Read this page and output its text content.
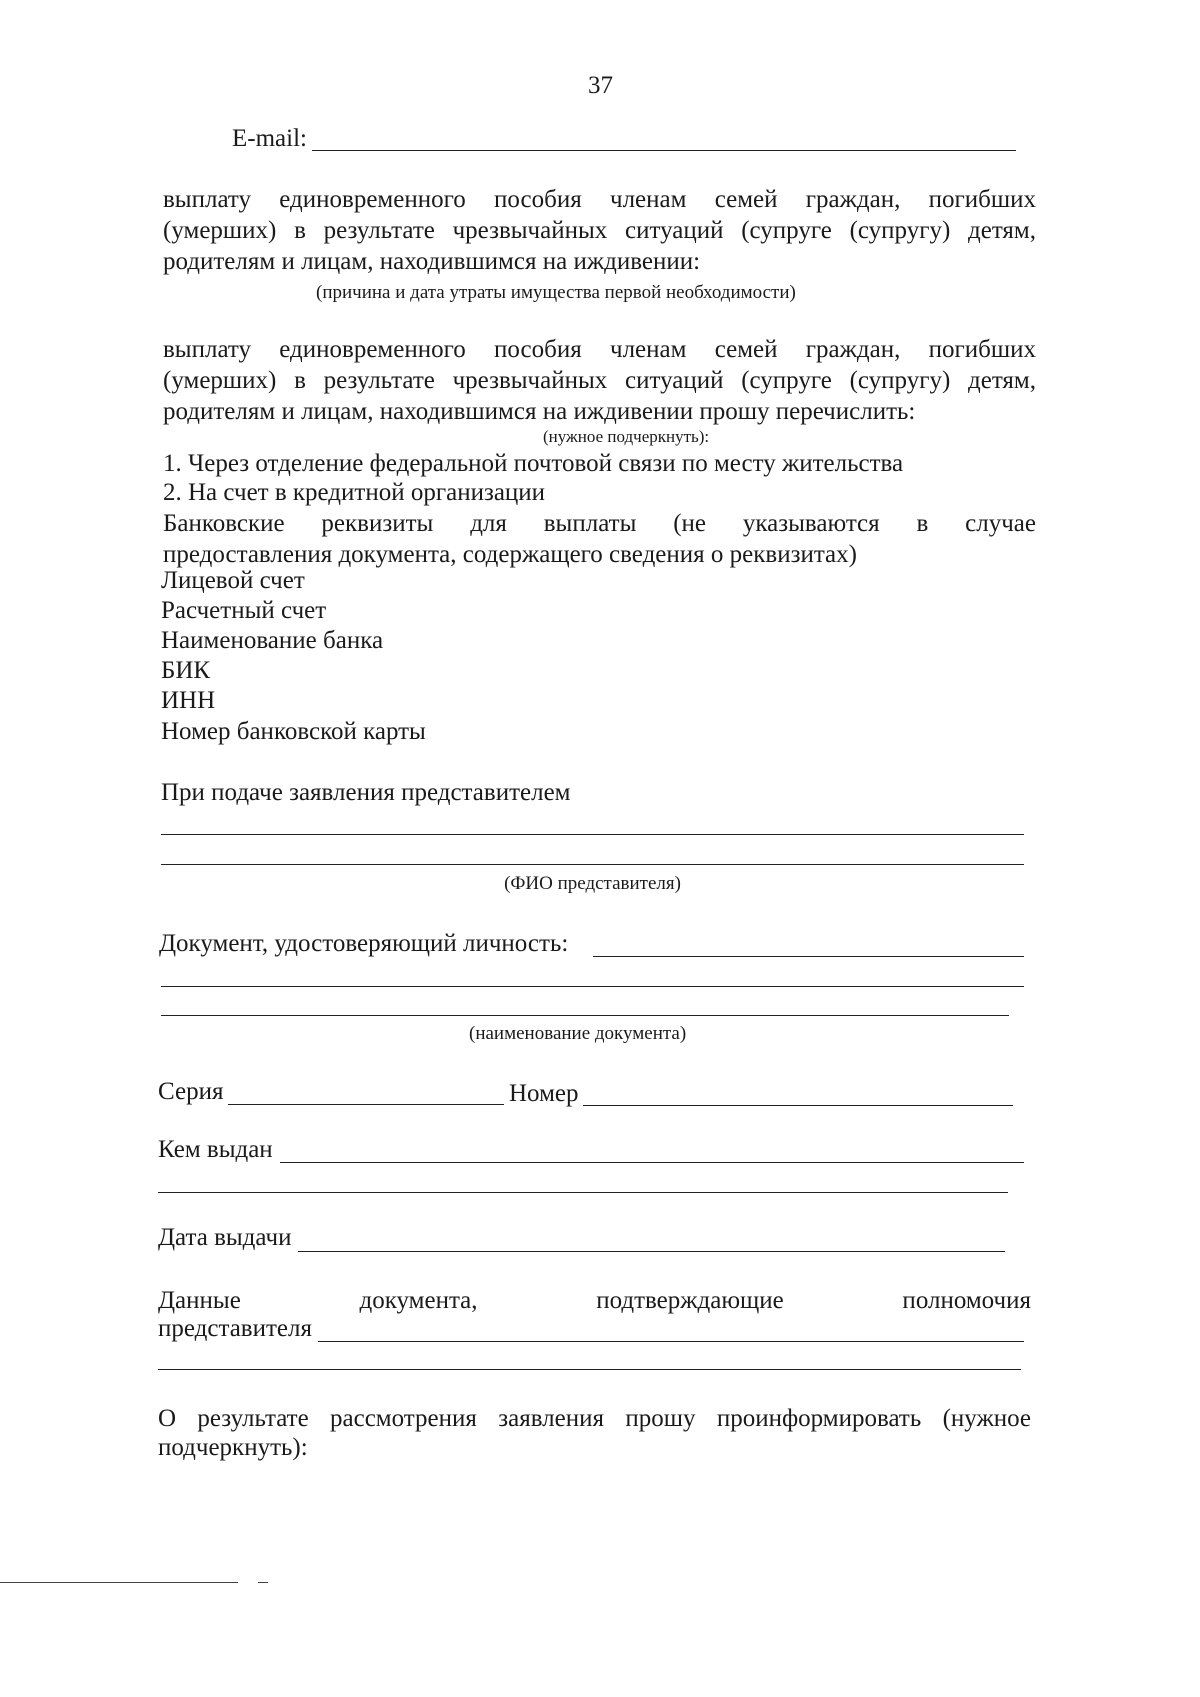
37
E-mail:
выплату единовременного пособия членам семей граждан, погибших
(умерших) в результате чрезвычайных ситуаций (супруге (супругу) детям,
родителям и лицам, находившимся на иждивении:
(причина и дата утраты имущества первой необходимости)
выплату единовременного пособия членам семей граждан, погибших
(умерших) в результате чрезвычайных ситуаций (супруге (супругу) детям,
родителям и лицам, находившимся на иждивении прошу перечислить:
(нужное подчеркнуть):
1. Через отделение федеральной почтовой связи по месту жительства
2. На счет в кредитной организации
Банковские реквизиты для выплаты (не указываются в случае
предоставления документа, содержащего сведения о реквизитах)
Лицевой счет
Расчетный счет
Наименование банка
БИК
ИНН
Номер банковской карты
При подаче заявления представителем
(ФИО представителя)
Документ, удостоверяющий личность:
(наименование документа)
Серия	Номер
Кем выдан
Дата выдачи
Данные документа, подтверждающие полномочия
представителя
О результате рассмотрения заявления прошу проинформировать (нужное
подчеркнуть):
